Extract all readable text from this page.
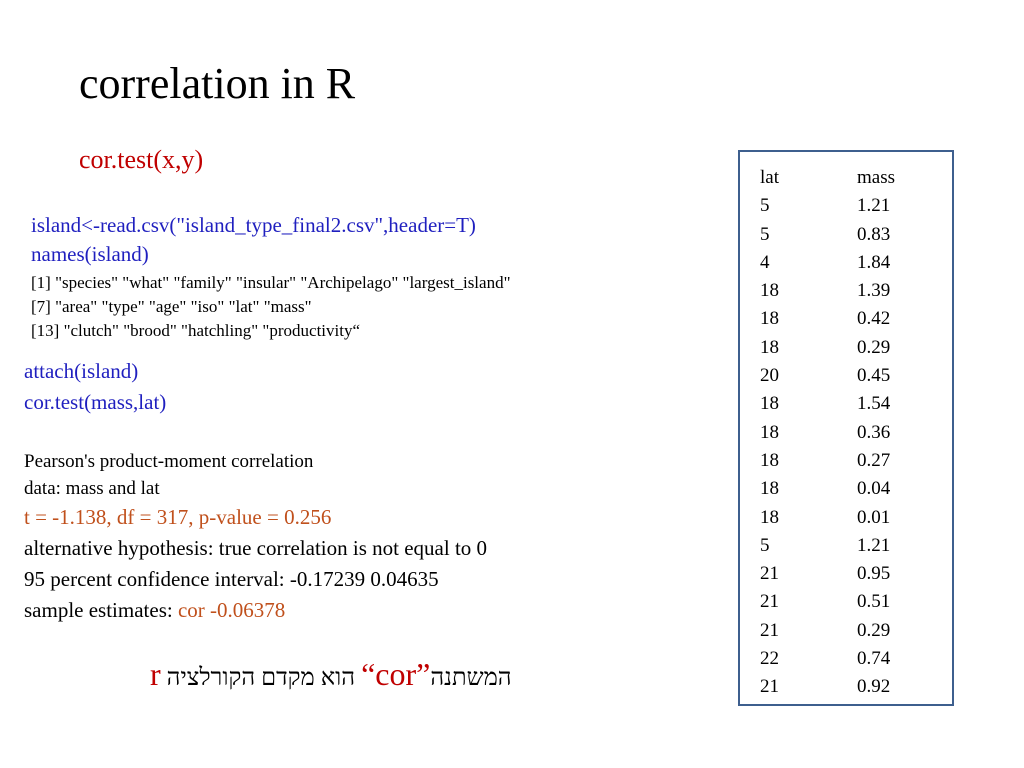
correlation in R
cor.test(x,y)
island<-read.csv("island_type_final2.csv",header=T)
names(island)
[1] "species" "what" "family" "insular" "Archipelago" "largest_island"
[7] "area" "type" "age" "iso" "lat" "mass"
[13] "clutch" "brood" "hatchling" "productivity“
attach(island)
cor.test(mass,lat)
Pearson's product-moment correlation
data: mass and lat
t = -1.138, df = 317, p-value = 0.256
alternative hypothesis: true correlation is not equal to 0
95 percent confidence interval: -0.17239 0.04635
sample estimates: cor -0.06378
r הוא מקדם הקורלציה “cor” המשתנה
lat	mass
5	1.21
5	0.83
4	1.84
18	1.39
18	0.42
18	0.29
20	0.45
18	1.54
18	0.36
18	0.27
18	0.04
18	0.01
5	1.21
21	0.95
21	0.51
21	0.29
22	0.74
21	0.92
